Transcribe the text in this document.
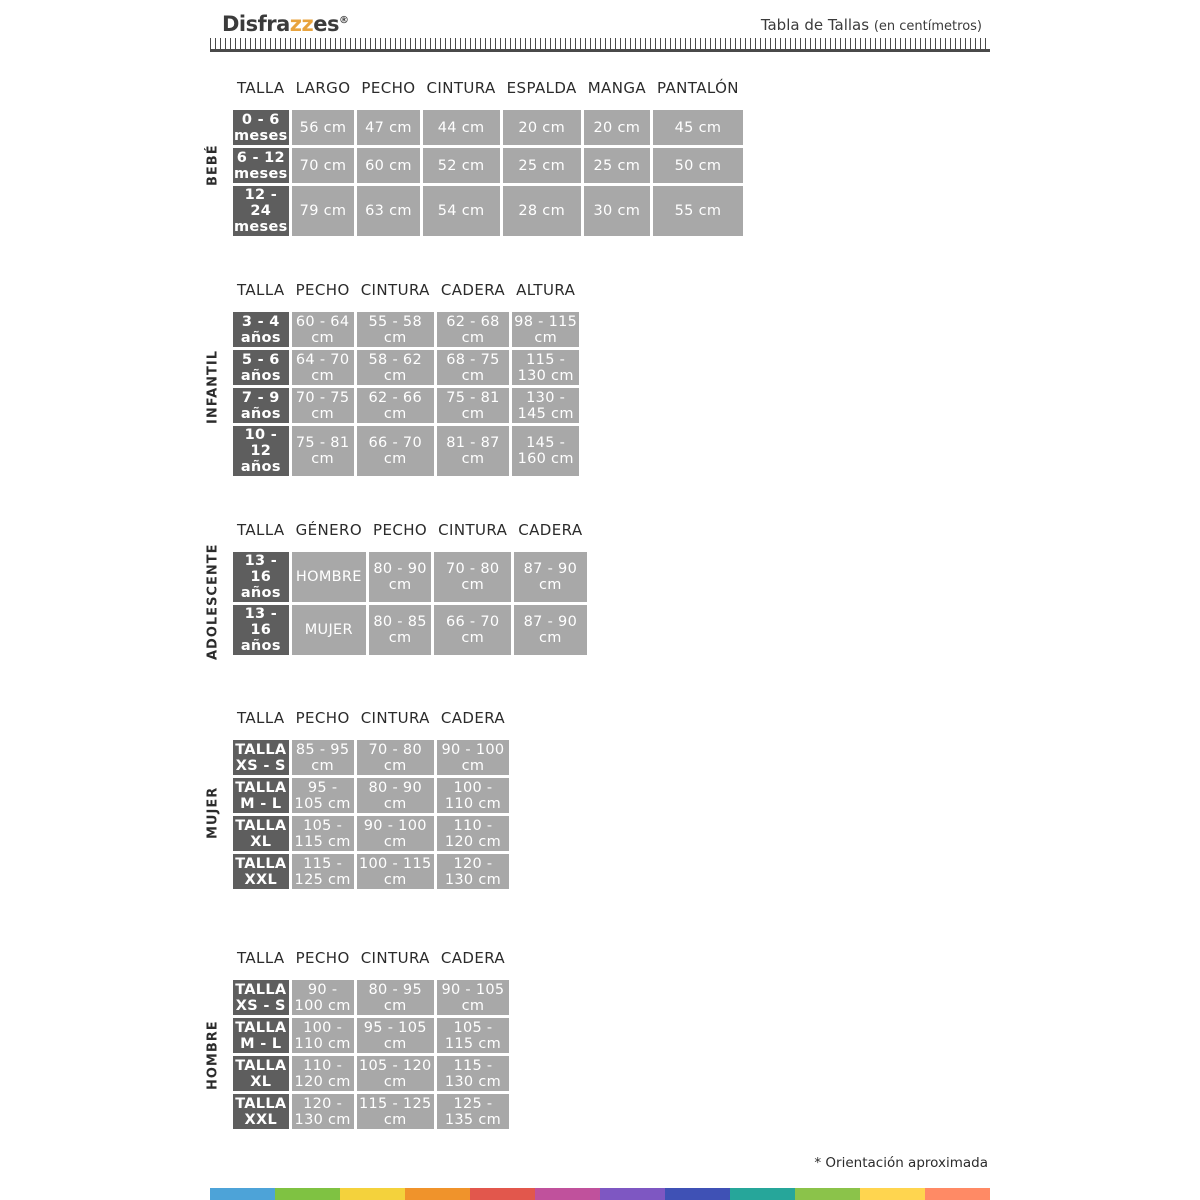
Disfrazzes®	Tabla de Tallas (en centímetros)
BEBÉ
TALLA	LARGO	PECHO	CINTURA	ESPALDA	MANGA	PANTALÓN
0 - 6 meses	56 cm	47 cm	44 cm	20 cm	20 cm	45 cm
6 - 12 meses	70 cm	60 cm	52 cm	25 cm	25 cm	50 cm
12 - 24 meses	79 cm	63 cm	54 cm	28 cm	30 cm	55 cm
INFANTIL
TALLA	PECHO	CINTURA	CADERA	ALTURA
3 - 4 años	60 - 64 cm	55 - 58 cm	62 - 68 cm	98 - 115 cm
5 - 6 años	64 - 70 cm	58 - 62 cm	68 - 75 cm	115 - 130 cm
7 - 9 años	70 - 75 cm	62 - 66 cm	75 - 81 cm	130 - 145 cm
10 - 12 años	75 - 81 cm	66 - 70 cm	81 - 87 cm	145 - 160 cm
ADOLESCENTE
TALLA	GÉNERO	PECHO	CINTURA	CADERA
13 - 16 años	HOMBRE	80 - 90 cm	70 - 80 cm	87 - 90 cm
13 - 16 años	MUJER	80 - 85 cm	66 - 70 cm	87 - 90 cm
MUJER
TALLA	PECHO	CINTURA	CADERA
TALLA XS - S	85 - 95 cm	70 - 80 cm	90 - 100 cm
TALLA M - L	95 - 105 cm	80 - 90 cm	100 - 110 cm
TALLA XL	105 - 115 cm	90 - 100 cm	110 - 120 cm
TALLA XXL	115 - 125 cm	100 - 115 cm	120 - 130 cm
HOMBRE
TALLA	PECHO	CINTURA	CADERA
TALLA XS - S	90 - 100 cm	80 - 95 cm	90 - 105 cm
TALLA M - L	100 - 110 cm	95 - 105 cm	105 - 115 cm
TALLA XL	110 - 120 cm	105 - 120 cm	115 - 130 cm
TALLA XXL	120 - 130 cm	115 - 125 cm	125 - 135 cm
* Orientación aproximada
